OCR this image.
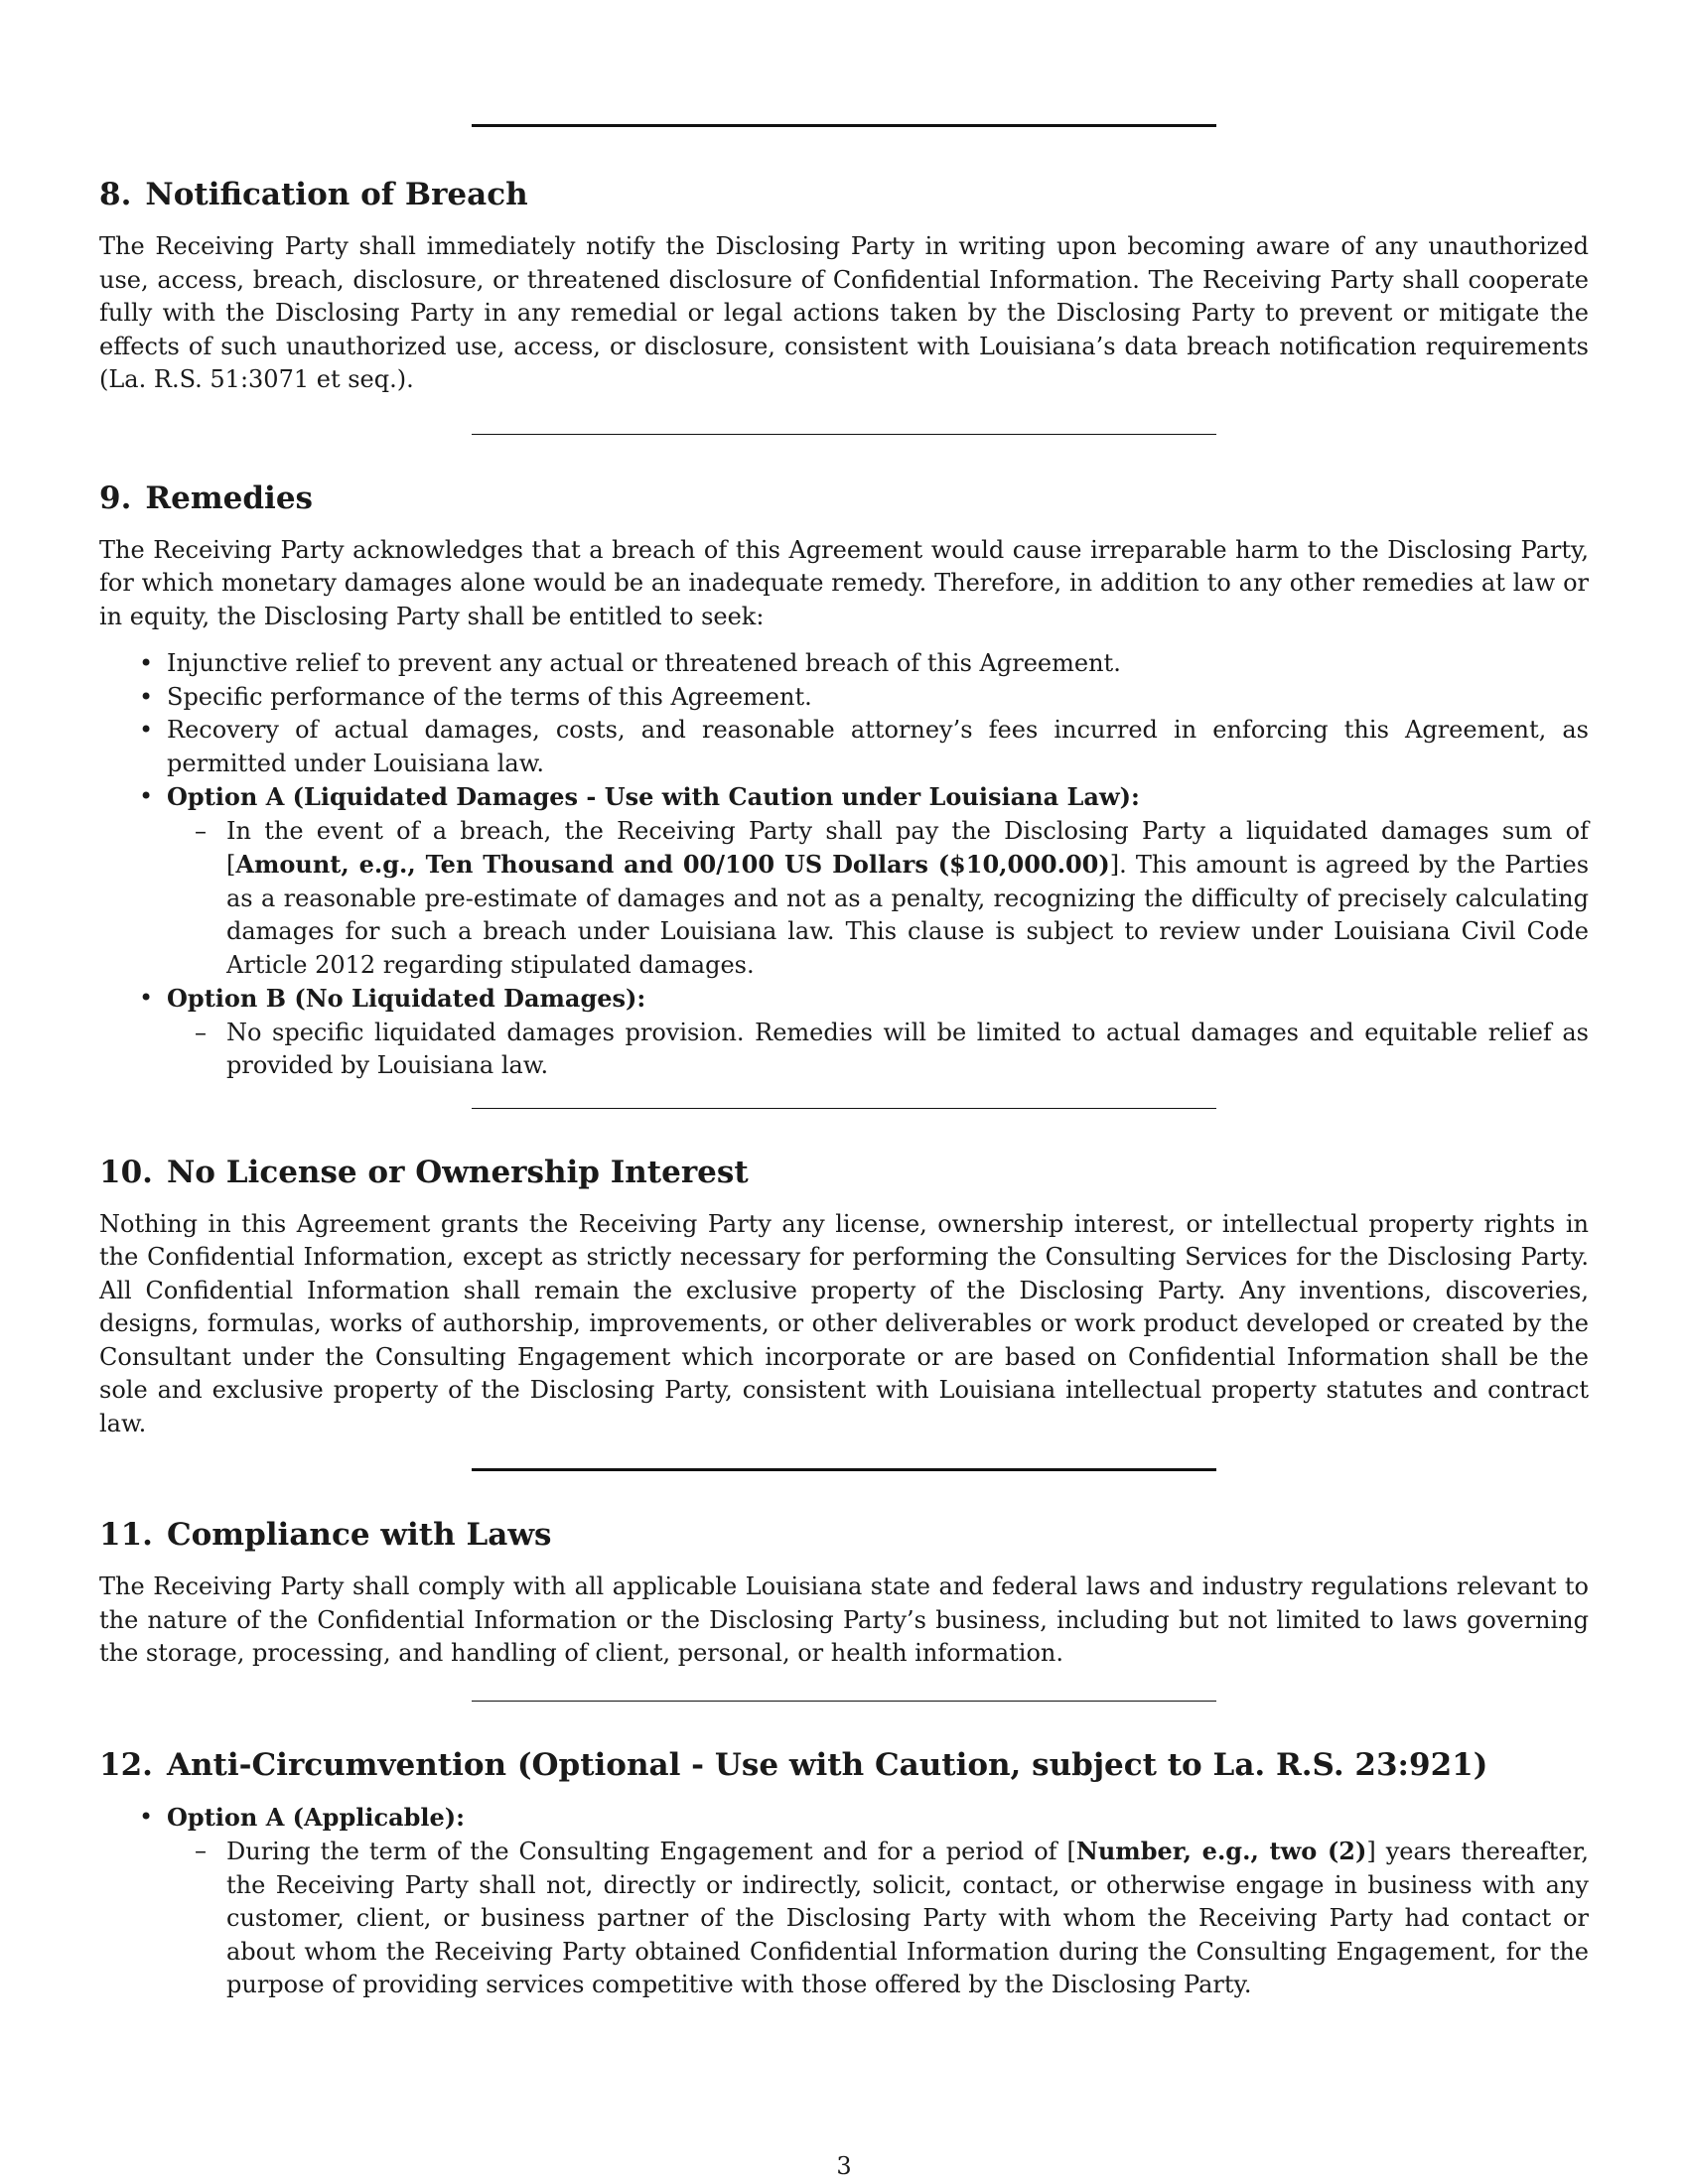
8. Notification of Breach

The Receiving Party shall immediately notify the Disclosing Party in writing upon becoming aware of any unauthorized use, access, breach, disclosure, or threatened disclosure of Confidential Information. The Receiving Party shall cooperate fully with the Disclosing Party in any remedial or legal actions taken by the Disclosing Party to prevent or mitigate the effects of such unauthorized use, access, or disclosure, consistent with Louisiana’s data breach notification requirements (La. R.S. 51:3071 et seq.).

9. Remedies

The Receiving Party acknowledges that a breach of this Agreement would cause irreparable harm to the Disclosing Party, for which monetary damages alone would be an inadequate remedy. Therefore, in addition to any other remedies at law or in equity, the Disclosing Party shall be entitled to seek:

• Injunctive relief to prevent any actual or threatened breach of this Agreement.
• Specific performance of the terms of this Agreement.
• Recovery of actual damages, costs, and reasonable attorney’s fees incurred in enforcing this Agreement, as permitted under Louisiana law.
• Option A (Liquidated Damages - Use with Caution under Louisiana Law):
– In the event of a breach, the Receiving Party shall pay the Disclosing Party a liquidated damages sum of [Amount, e.g., Ten Thousand and 00/100 US Dollars ($10,000.00)]. This amount is agreed by the Parties as a reasonable pre-estimate of damages and not as a penalty, recognizing the difficulty of precisely calculating damages for such a breach under Louisiana law. This clause is subject to review under Louisiana Civil Code Article 2012 regarding stipulated damages.
• Option B (No Liquidated Damages):
– No specific liquidated damages provision. Remedies will be limited to actual damages and equitable relief as provided by Louisiana law.
10. No License or Ownership Interest

Nothing in this Agreement grants the Receiving Party any license, ownership interest, or intellectual property rights in the Confidential Information, except as strictly necessary for performing the Consulting Services for the Disclosing Party. All Confidential Information shall remain the exclusive property of the Disclosing Party. Any inventions, discoveries, designs, formulas, works of authorship, improvements, or other deliverables or work product developed or created by the Consultant under the Consulting Engagement which incorporate or are based on Confidential Information shall be the sole and exclusive property of the Disclosing Party, consistent with Louisiana intellectual property statutes and contract law.

11. Compliance with Laws

The Receiving Party shall comply with all applicable Louisiana state and federal laws and industry regulations relevant to the nature of the Confidential Information or the Disclosing Party’s business, including but not limited to laws governing the storage, processing, and handling of client, personal, or health information.

12. Anti-Circumvention (Optional - Use with Caution, subject to La. R.S. 23:921)
• Option A (Applicable):
– During the term of the Consulting Engagement and for a period of [Number, e.g., two (2)] years thereafter, the Receiving Party shall not, directly or indirectly, solicit, contact, or otherwise engage in business with any customer, client, or business partner of the Disclosing Party with whom the Receiving Party had contact or about whom the Receiving Party obtained Confidential Information during the Consulting Engagement, for the purpose of providing services competitive with those offered by the Disclosing Party.
3
